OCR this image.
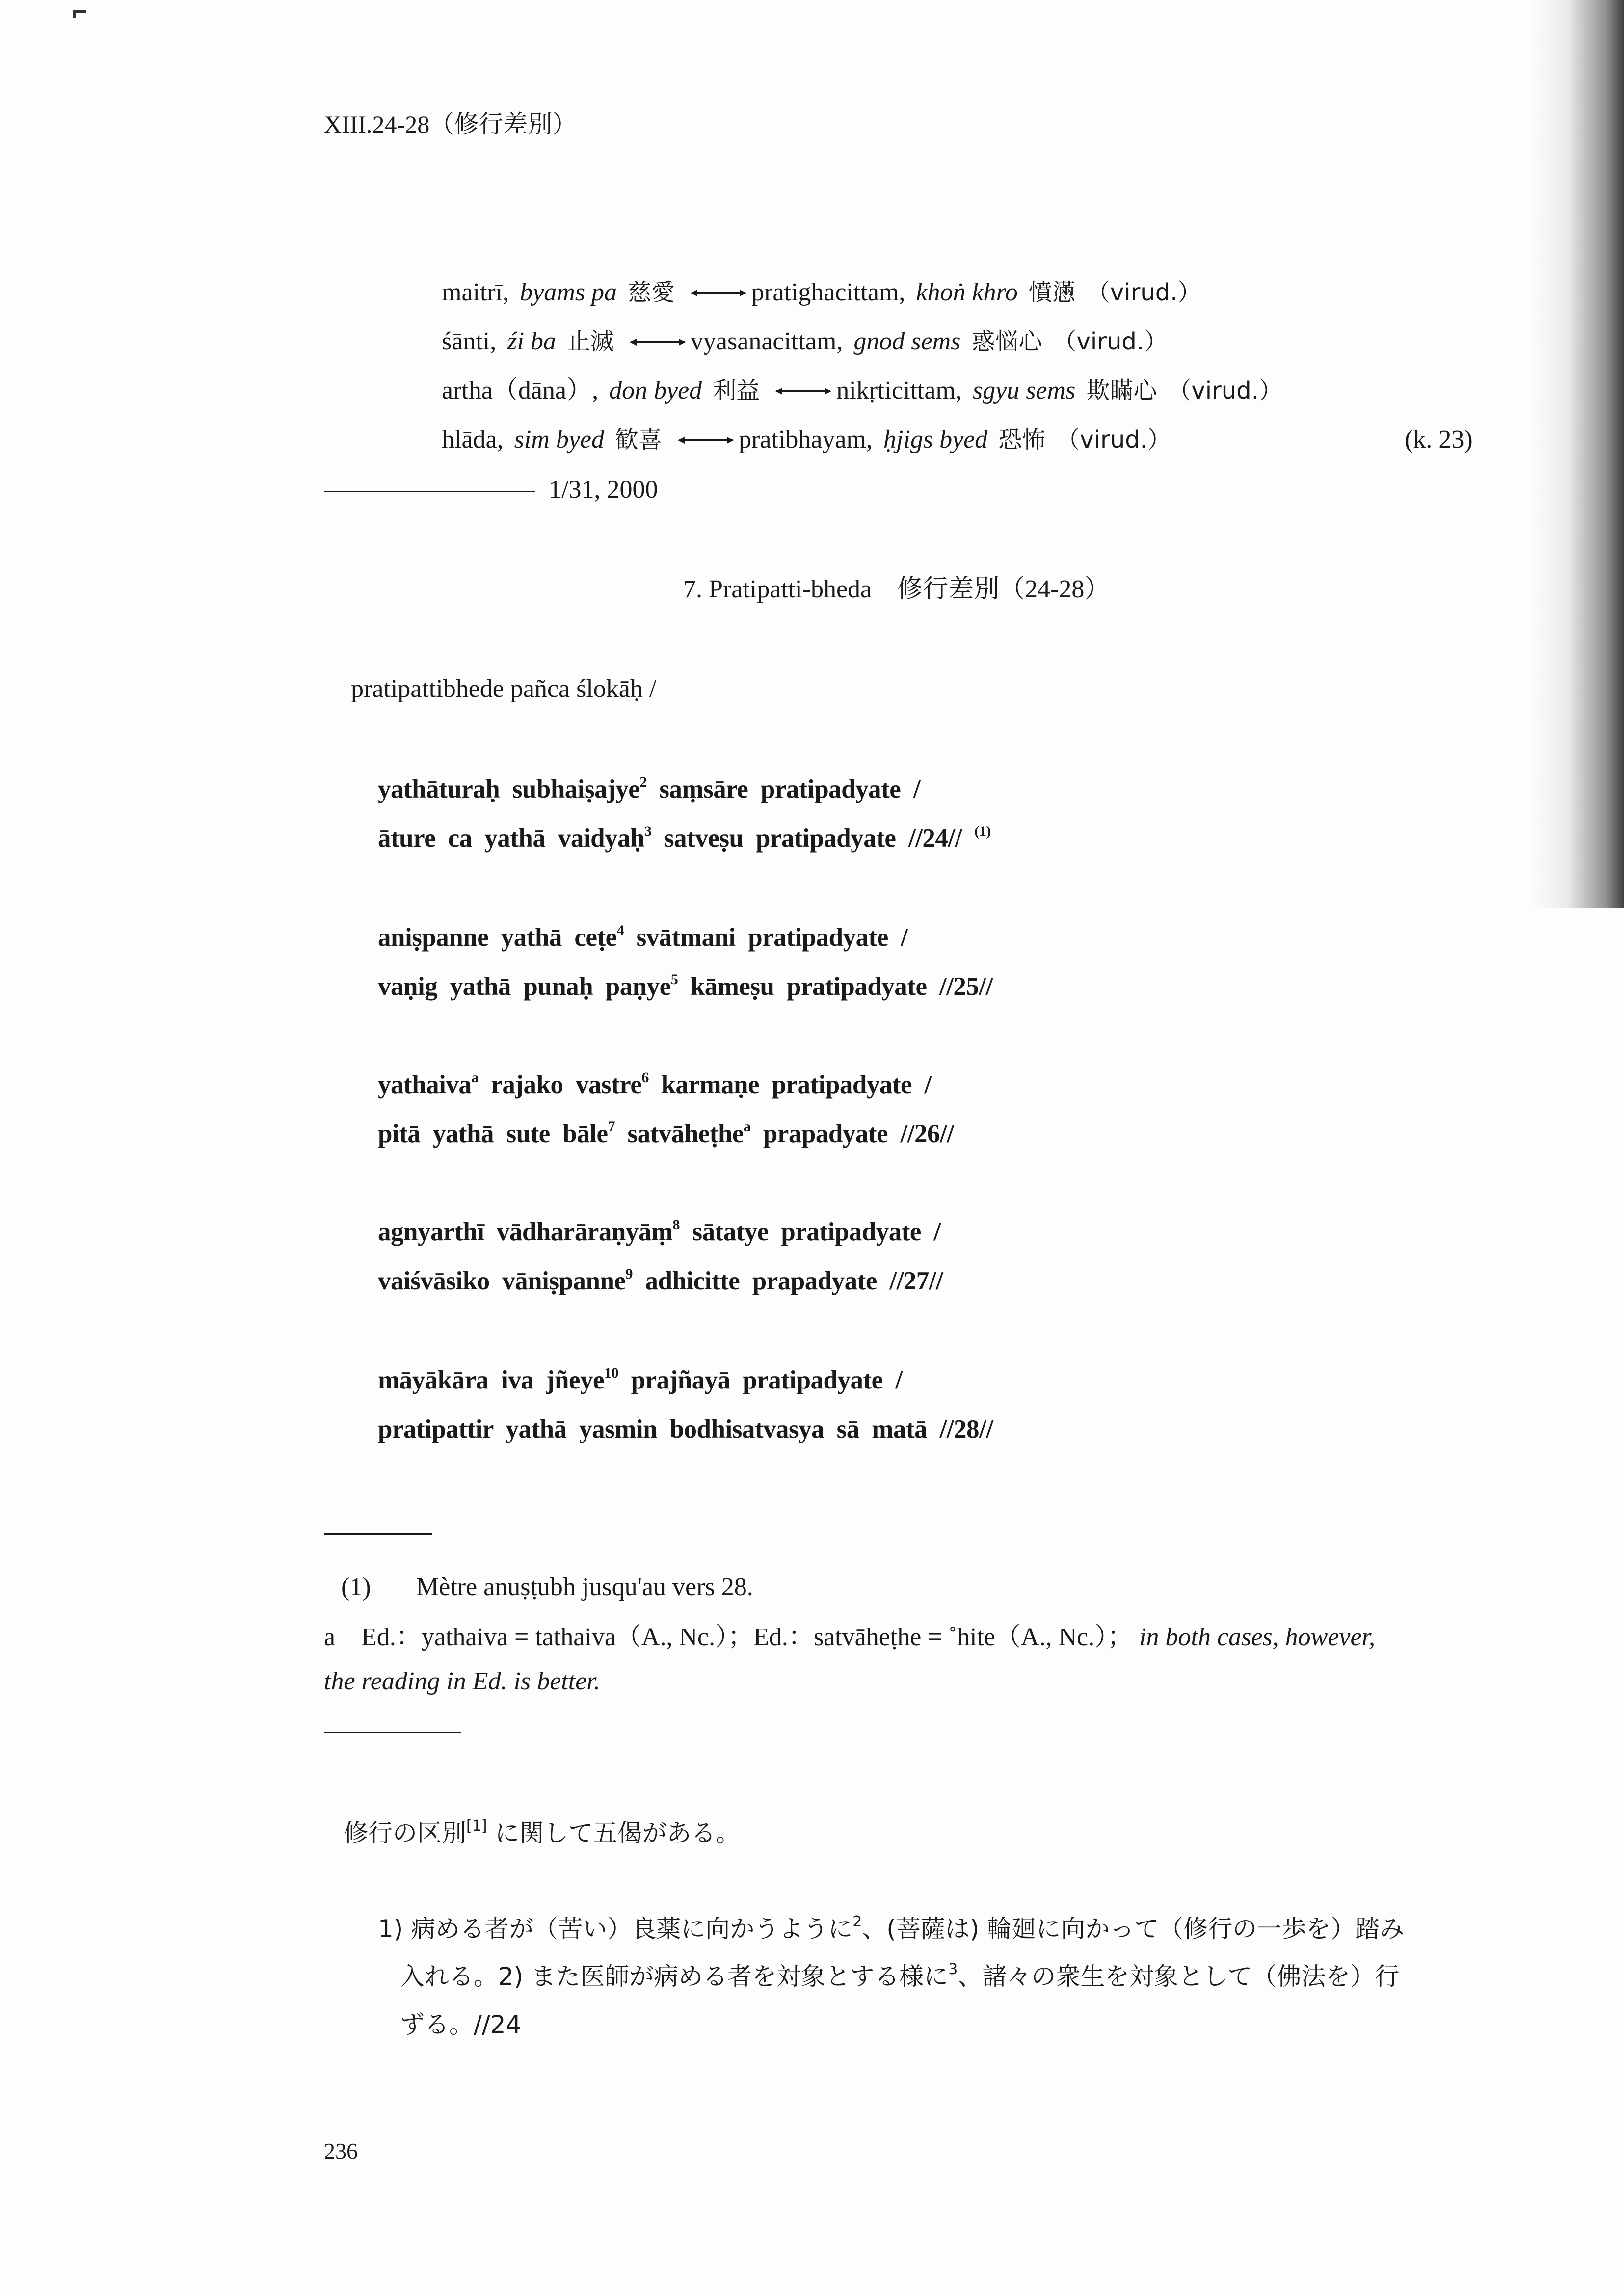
XIII.24-28（修行差別）
maitrī, byams pa 慈愛	pratighacittam, khoṅ khro 憤懣 （virud.）
śānti, źi ba 止滅	vyasanacittam, gnod sems 惑悩心 （virud.）
artha（dāna）, don byed 利益	nikṛticittam, sgyu sems 欺瞞心 （virud.）
hlāda, sim byed 歓喜	pratibhayam, ḥjigs byed 恐怖 （virud.）	(k. 23)
1/31, 2000
7. Pratipatti-bheda　修行差別（24-28）
pratipattibhede pañca ślokāḥ /
yathāturaḥ  subhaiṣajye$^2$  saṃsāre  pratipadyate  /
āture  ca  yathā  vaidyaḥ$^3$  satveṣu  pratipadyate  //24//  $^{(1)}$
aniṣpanne  yathā  ceṭe$^4$  svātmani  pratipadyate  /
vaṇig  yathā  punaḥ  paṇye$^5$  kāmeṣu  pratipadyate  //25//
yathaiva$^a$  rajako  vastre$^6$  karmaṇe  pratipadyate  /
pitā  yathā  sute  bāle$^7$  satvāheṭhe$^a$  prapadyate  //26//
agnyarthī  vādharāraṇyāṃ$^8$  sātatye  pratipadyate  /
vaiśvāsiko  vāniṣpanne$^9$  adhicitte  prapadyate  //27//
māyākāra  iva  jñeye$^{10}$  prajñayā  pratipadyate  /
pratipattir  yathā  yasmin  bodhisatvasya  sā  matā  //28//
(1) Mètre anuṣṭubh jusqu'au vers 28.
a Ed.：yathaiva = tathaiva（A., Nc.）；Ed.：satvāheṭhe = ˚hite（A., Nc.）； in both cases, however,
the reading in Ed. is better.
修行の区別[1] に関して五偈がある。
1) 病める者が（苦い）良薬に向かうように$^2$、(菩薩は) 輪廻に向かって（修行の一歩を）踏み
入れる。2) また医師が病める者を対象とする様に$^3$、諸々の衆生を対象として（佛法を）行
ずる。//24
236
